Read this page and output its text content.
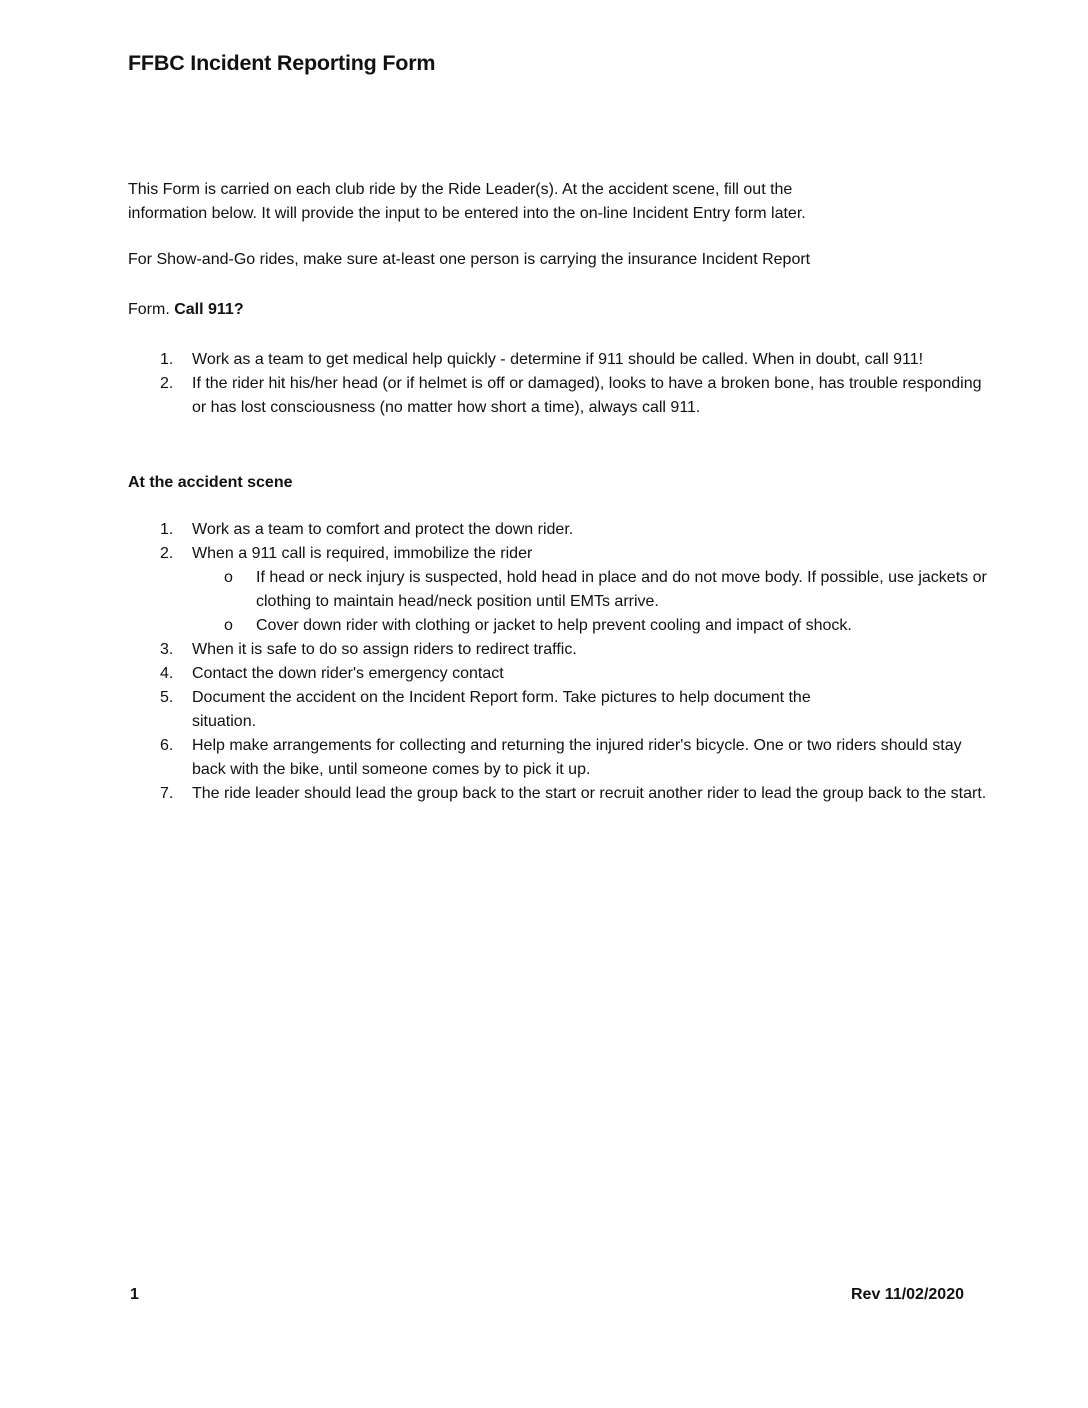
FFBC Incident Reporting Form

This Form is carried on each club ride by the Ride Leader(s). At the accident scene, fill out the

information below. It will provide the input to be entered into the on-line Incident Entry form later.

For Show-and-Go rides, make sure at-least one person is carrying the insurance Incident Report

Form. Call 911?

1. Work as a team to get medical help quickly - determine if 911 should be called. When in doubt, call 911!
2. If the rider hit his/her head (or if helmet is off or damaged), looks to have a broken bone, has trouble responding or has lost consciousness (no matter how short a time), always call 911.

At the accident scene

1. Work as a team to comfort and protect the down rider.
2. When a 911 call is required, immobilize the rider
o If head or neck injury is suspected, hold head in place and do not move body. If possible, use jackets or clothing to maintain head/neck position until EMTs arrive.
o Cover down rider with clothing or jacket to help prevent cooling and impact of shock.
3. When it is safe to do so assign riders to redirect traffic.
4. Contact the down rider's emergency contact
5. Document the accident on the Incident Report form. Take pictures to help document the situation.
6. Help make arrangements for collecting and returning the injured rider's bicycle. One or two riders should stay back with the bike, until someone comes by to pick it up.
7. The ride leader should lead the group back to the start or recruit another rider to lead the group back to the start.
1	Rev 11/02/2020
